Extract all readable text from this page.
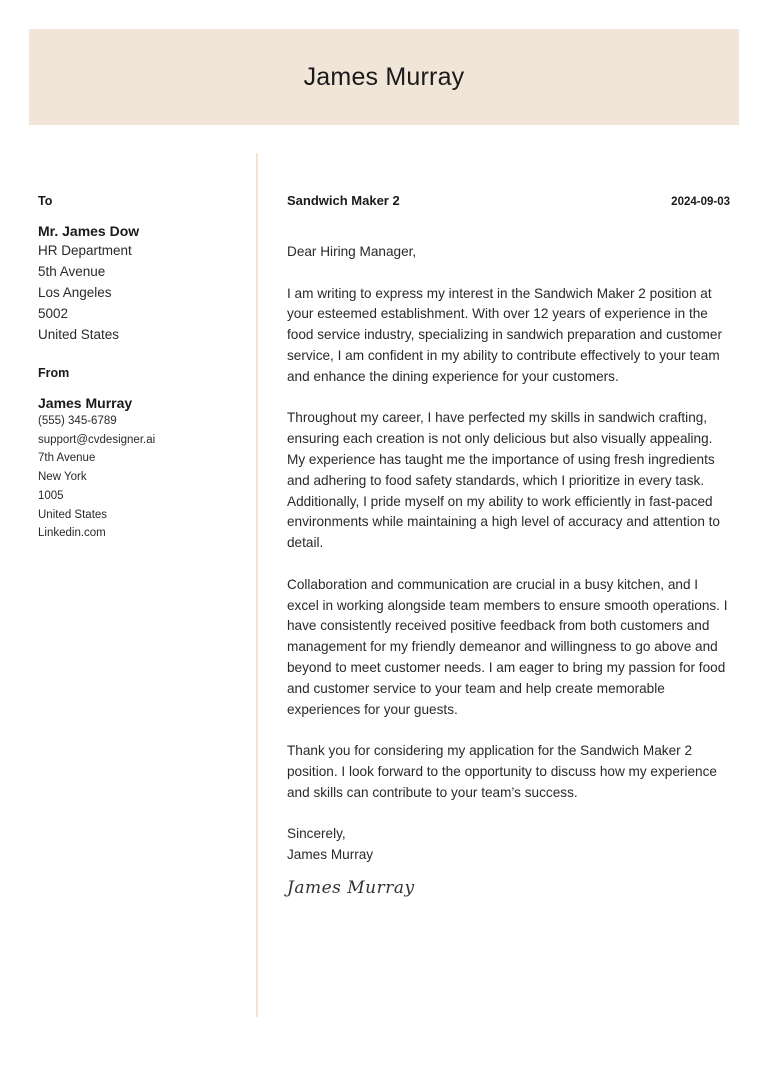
James Murray
To
Mr. James Dow
HR Department
5th Avenue
Los Angeles
5002
United States
From
James Murray
(555) 345-6789
support@cvdesigner.ai
7th Avenue
New York
1005
United States
Linkedin.com
Sandwich Maker 2	2024-09-03
Dear Hiring Manager,
I am writing to express my interest in the Sandwich Maker 2 position at your esteemed establishment. With over 12 years of experience in the food service industry, specializing in sandwich preparation and customer service, I am confident in my ability to contribute effectively to your team and enhance the dining experience for your customers.
Throughout my career, I have perfected my skills in sandwich crafting, ensuring each creation is not only delicious but also visually appealing. My experience has taught me the importance of using fresh ingredients and adhering to food safety standards, which I prioritize in every task. Additionally, I pride myself on my ability to work efficiently in fast-paced environments while maintaining a high level of accuracy and attention to detail.
Collaboration and communication are crucial in a busy kitchen, and I excel in working alongside team members to ensure smooth operations. I have consistently received positive feedback from both customers and management for my friendly demeanor and willingness to go above and beyond to meet customer needs. I am eager to bring my passion for food and customer service to your team and help create memorable experiences for your guests.
Thank you for considering my application for the Sandwich Maker 2 position. I look forward to the opportunity to discuss how my experience and skills can contribute to your team’s success.
Sincerely,
James Murray
James Murray
